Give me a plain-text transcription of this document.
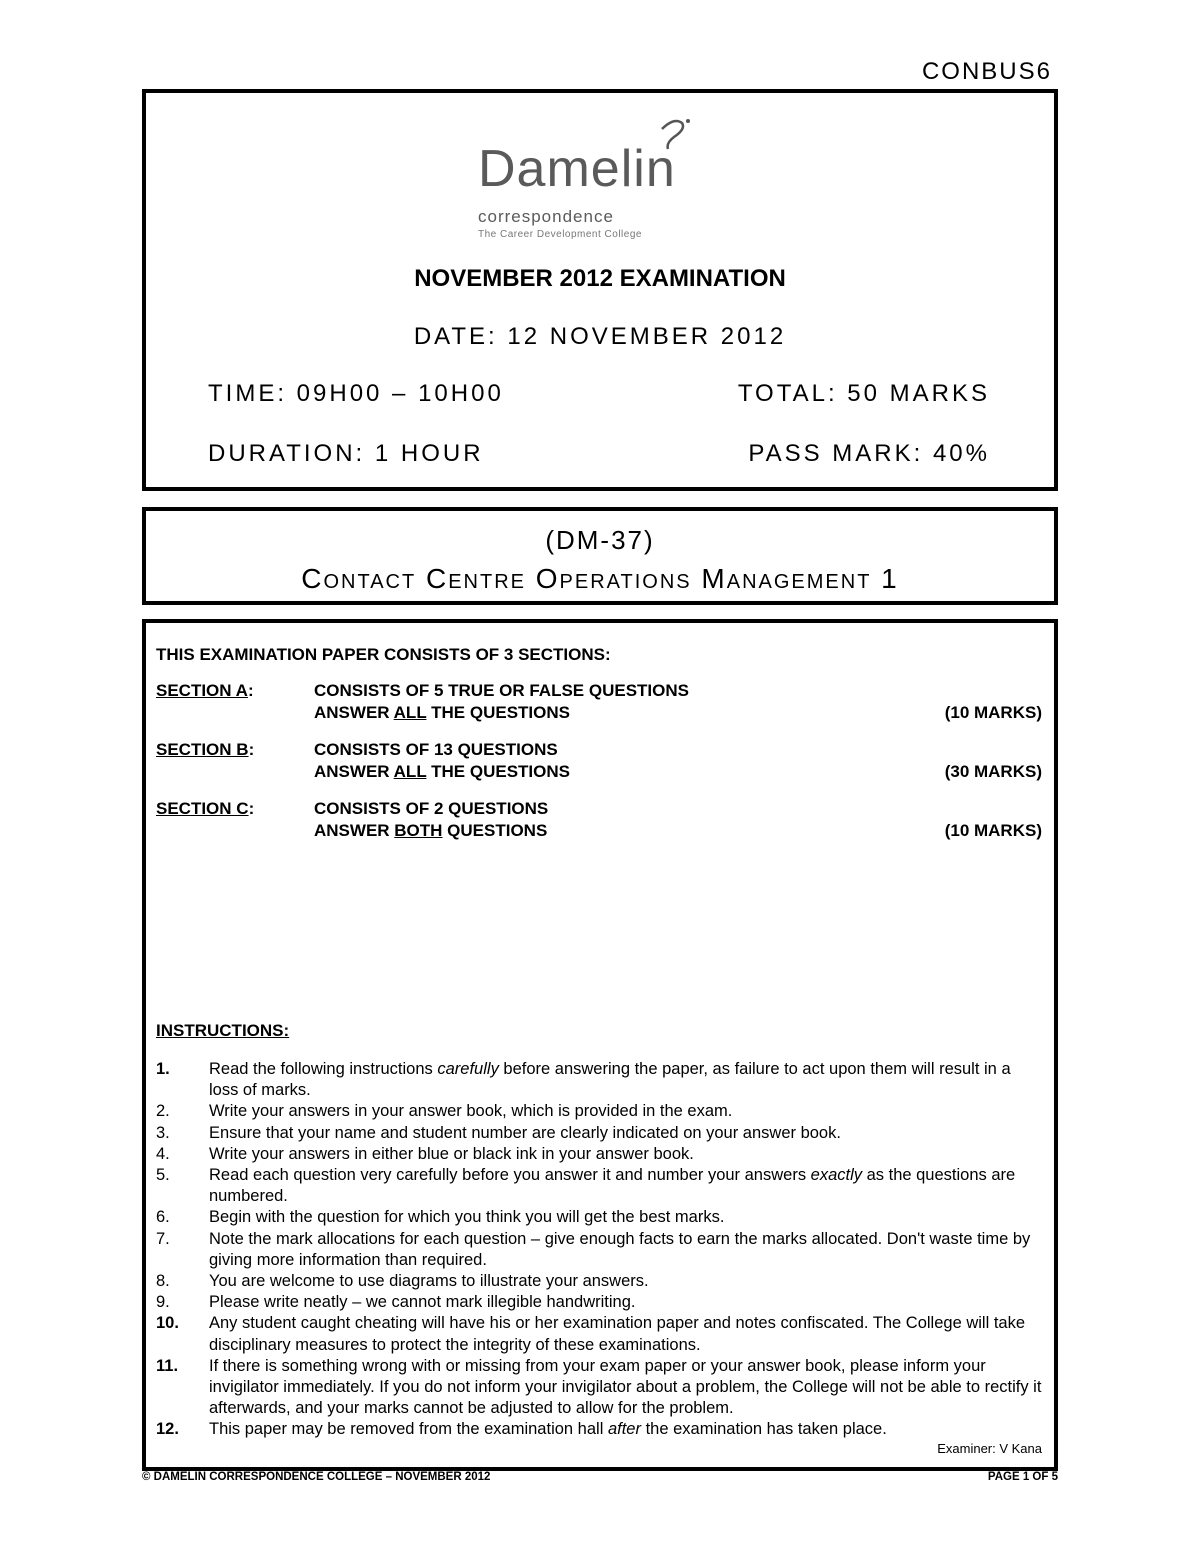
CONBUS6
Damelin
correspondence
The Career Development College
NOVEMBER 2012 EXAMINATION
DATE: 12 NOVEMBER 2012
TIME: 09H00 – 10H00	TOTAL: 50 MARKS
DURATION: 1 HOUR	PASS MARK: 40%
(DM-37)
Contact Centre Operations Management 1
THIS EXAMINATION PAPER CONSISTS OF 3 SECTIONS:
SECTION A:	CONSISTS OF 5 TRUE OR FALSE QUESTIONS
ANSWER ALL THE QUESTIONS	(10 MARKS)
SECTION B:	CONSISTS OF 13 QUESTIONS
ANSWER ALL THE QUESTIONS	(30 MARKS)
SECTION C:	CONSISTS OF 2 QUESTIONS
ANSWER BOTH QUESTIONS	(10 MARKS)
INSTRUCTIONS:
1. Read the following instructions carefully before answering the paper, as failure to act upon them will result in a loss of marks.
2. Write your answers in your answer book, which is provided in the exam.
3. Ensure that your name and student number are clearly indicated on your answer book.
4. Write your answers in either blue or black ink in your answer book.
5. Read each question very carefully before you answer it and number your answers exactly as the questions are numbered.
6. Begin with the question for which you think you will get the best marks.
7. Note the mark allocations for each question – give enough facts to earn the marks allocated. Don't waste time by giving more information than required.
8. You are welcome to use diagrams to illustrate your answers.
9. Please write neatly – we cannot mark illegible handwriting.
10. Any student caught cheating will have his or her examination paper and notes confiscated. The College will take disciplinary measures to protect the integrity of these examinations.
11. If there is something wrong with or missing from your exam paper or your answer book, please inform your invigilator immediately. If you do not inform your invigilator about a problem, the College will not be able to rectify it afterwards, and your marks cannot be adjusted to allow for the problem.
12. This paper may be removed from the examination hall after the examination has taken place.
Examiner: V Kana
© DAMELIN CORRESPONDENCE COLLEGE – NOVEMBER 2012	PAGE 1 OF 5
